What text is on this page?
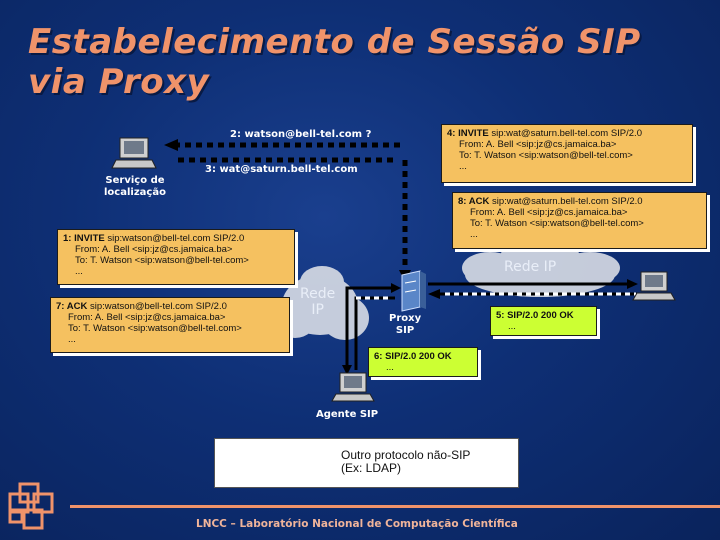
Estabelecimento de Sessão SIP
via Proxy
Serviço de
localização
Proxy
SIP
Agente SIP
Rede
IP
Rede IP
2: watson@bell-tel.com ?
3: wat@saturn.bell-tel.com
1: INVITE sip:watson@bell-tel.com SIP/2.0
From: A. Bell <sip:jz@cs.jamaica.ba>
To: T. Watson <sip:watson@bell-tel.com>
...
7: ACK sip:watson@bell-tel.com SIP/2.0
From: A. Bell <sip:jz@cs.jamaica.ba>
To: T. Watson <sip:watson@bell-tel.com>
...
4: INVITE sip:wat@saturn.bell-tel.com SIP/2.0
From: A. Bell <sip:jz@cs.jamaica.ba>
To: T. Watson <sip:watson@bell-tel.com>
...
8: ACK sip:wat@saturn.bell-tel.com SIP/2.0
From: A. Bell <sip:jz@cs.jamaica.ba>
To: T. Watson <sip:watson@bell-tel.com>
...
5: SIP/2.0 200 OK
...
6: SIP/2.0 200 OK
...
Outro protocolo não-SIP
(Ex: LDAP)
LNCC – Laboratório Nacional de Computação Científica
